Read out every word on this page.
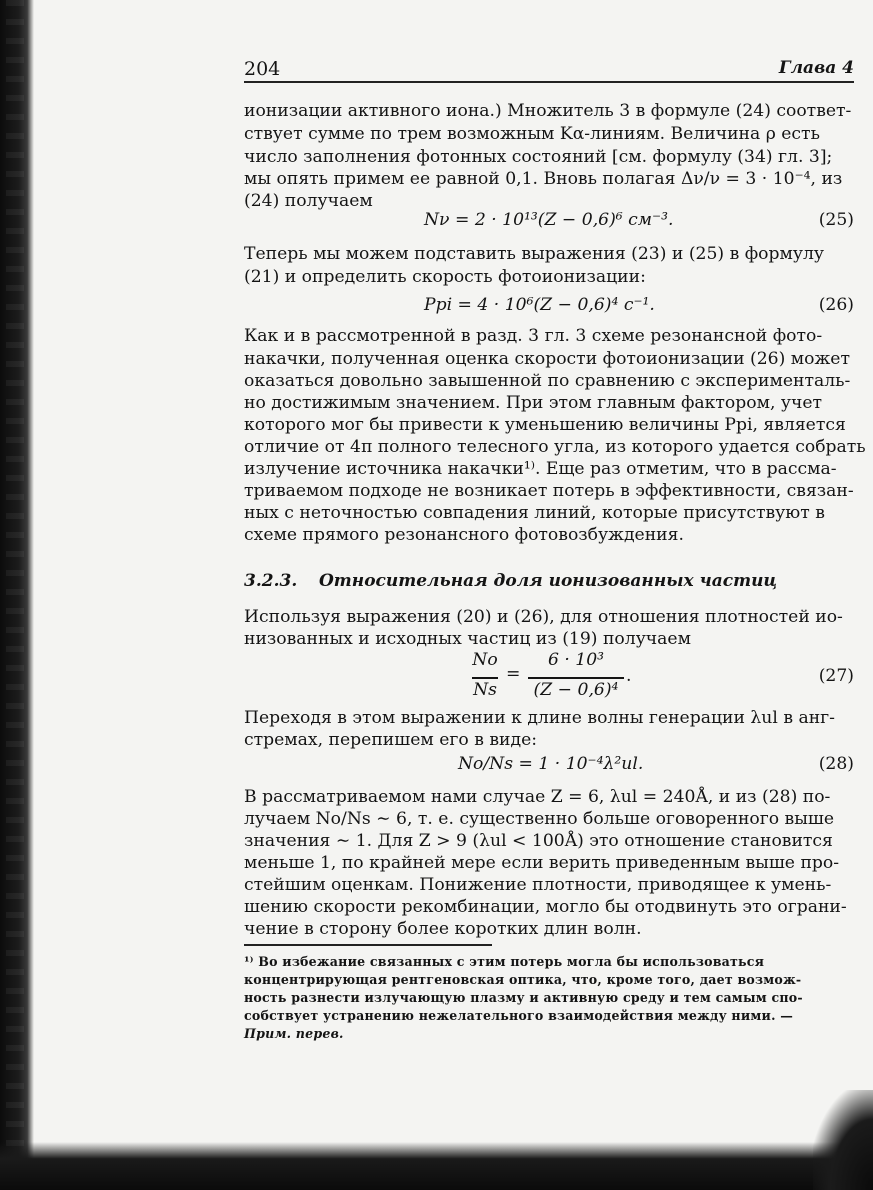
204	Глава 4
ионизации активного иона.) Множитель 3 в формуле (24) соответ-
ствует сумме по трем возможным Kα-линиям. Величина ρ есть
число заполнения фотонных состояний [см. формулу (34) гл. 3];
мы опять примем ее равной 0,1. Вновь полагая Δν/ν = 3 · 10⁻⁴, из
(24) получаем
Nν = 2 · 10¹³(Z − 0,6)⁶ см⁻³.	(25)
Теперь мы можем подставить выражения (23) и (25) в формулу
(21) и определить скорость фотоионизации:
Ppi = 4 · 10⁶(Z − 0,6)⁴ с⁻¹.	(26)
Как и в рассмотренной в разд. 3 гл. 3 схеме резонансной фото-
накачки, полученная оценка скорости фотоионизации (26) может
оказаться довольно завышенной по сравнению с эксперименталь-
но достижимым значением. При этом главным фактором, учет
которого мог бы привести к уменьшению величины Ppi, является
отличие от 4π полного телесного угла, из которого удается собрать
излучение источника накачки¹⁾. Еще раз отметим, что в рассма-
триваемом подходе не возникает потерь в эффективности, связан-
ных с неточностью совпадения линий, которые присутствуют в
схеме прямого резонансного фотовозбуждения.
3.2.3. Относительная доля ионизованных частиц
Используя выражения (20) и (26), для отношения плотностей ио-
низованных и исходных частиц из (19) получаем
No
Ns
=
6 · 10³
(Z − 0,6)⁴
.	(27)
Переходя в этом выражении к длине волны генерации λul в анг-
стремах, перепишем его в виде:
No/Ns = 1 · 10⁻⁴λ²ul.	(28)
В рассматриваемом нами случае Z = 6, λul = 240Å, и из (28) по-
лучаем No/Ns ∼ 6, т. е. существенно больше оговоренного выше
значения ∼ 1. Для Z > 9 (λul < 100Å) это отношение становится
меньше 1, по крайней мере если верить приведенным выше про-
стейшим оценкам. Понижение плотности, приводящее к умень-
шению скорости рекомбинации, могло бы отодвинуть это ограни-
чение в сторону более коротких длин волн.
¹⁾ Во избежание связанных с этим потерь могла бы использоваться
концентрирующая рентгеновская оптика, что, кроме того, дает возмож-
ность разнести излучающую плазму и активную среду и тем самым спо-
собствует устранению нежелательного взаимодействия между ними. —
Прим. перев.
